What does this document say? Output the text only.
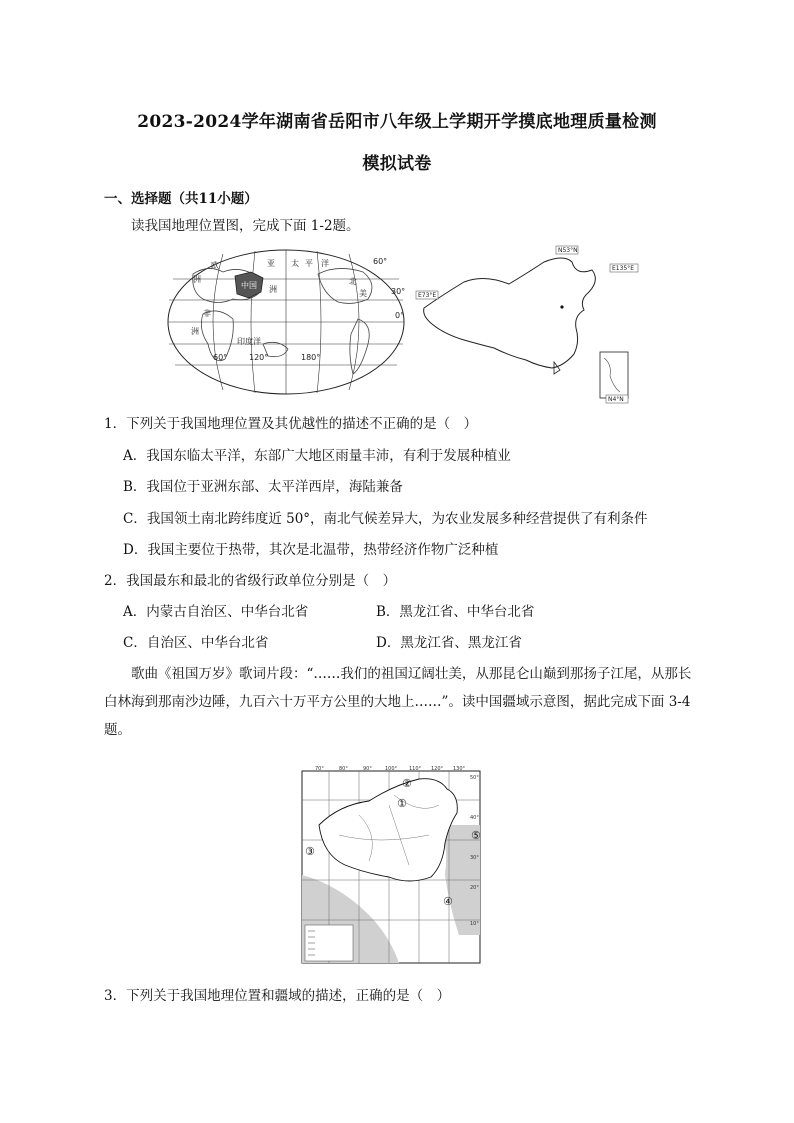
2023-2024学年湖南省岳阳市八年级上学期开学摸底地理质量检测
模拟试卷
一、选择题（共11小题）
读我国地理位置图，完成下面 1-2题。
中国
欧
洲
亚
洲
太 平 洋
北
美
非
洲
印度洋
60°
30°
0°
60°	120°	180°
N53°N
E135°E
E73°E
N4°N
1．下列关于我国地理位置及其优越性的描述不正确的是（　）
A．我国东临太平洋，东部广大地区雨量丰沛，有利于发展种植业
B．我国位于亚洲东部、太平洋西岸，海陆兼备
C．我国领土南北跨纬度近 50°，南北气候差异大，为农业发展多种经营提供了有利条件
D．我国主要位于热带，其次是北温带，热带经济作物广泛种植
2．我国最东和最北的省级行政单位分别是（　）
A．内蒙古自治区、中华台北省	B．黑龙江省、中华台北省
C．自治区、中华台北省	D．黑龙江省、黑龙江省
歌曲《祖国万岁》歌词片段：“……我们的祖国辽阔壮美，从那昆仑山巅到那扬子江尾，从那长白林海到那南沙边陲，九百六十万平方公里的大地上……”。读中国疆域示意图，据此完成下面 3-4题。
①
②
③
④
⑤
70°	80°	90°	100° 110° 120° 130°
50°
40°
30°
20°
10°
3．下列关于我国地理位置和疆域的描述，正确的是（　）
